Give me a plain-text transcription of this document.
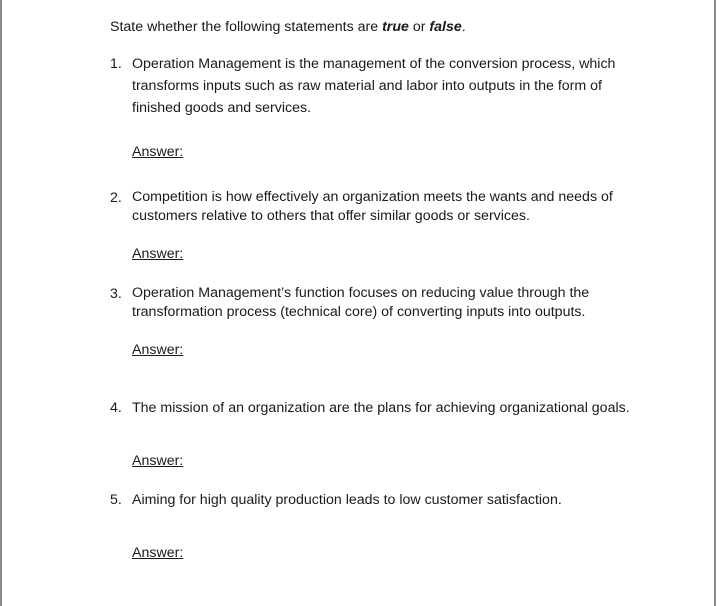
State whether the following statements are true or false.
1. Operation Management is the management of the conversion process, which transforms inputs such as raw material and labor into outputs in the form of finished goods and services.
Answer:
2. Competition is how effectively an organization meets the wants and needs of customers relative to others that offer similar goods or services.
Answer:
3. Operation Management’s function focuses on reducing value through the transformation process (technical core) of converting inputs into outputs.
Answer:
4. The mission of an organization are the plans for achieving organizational goals.
Answer:
5. Aiming for high quality production leads to low customer satisfaction.
Answer:
